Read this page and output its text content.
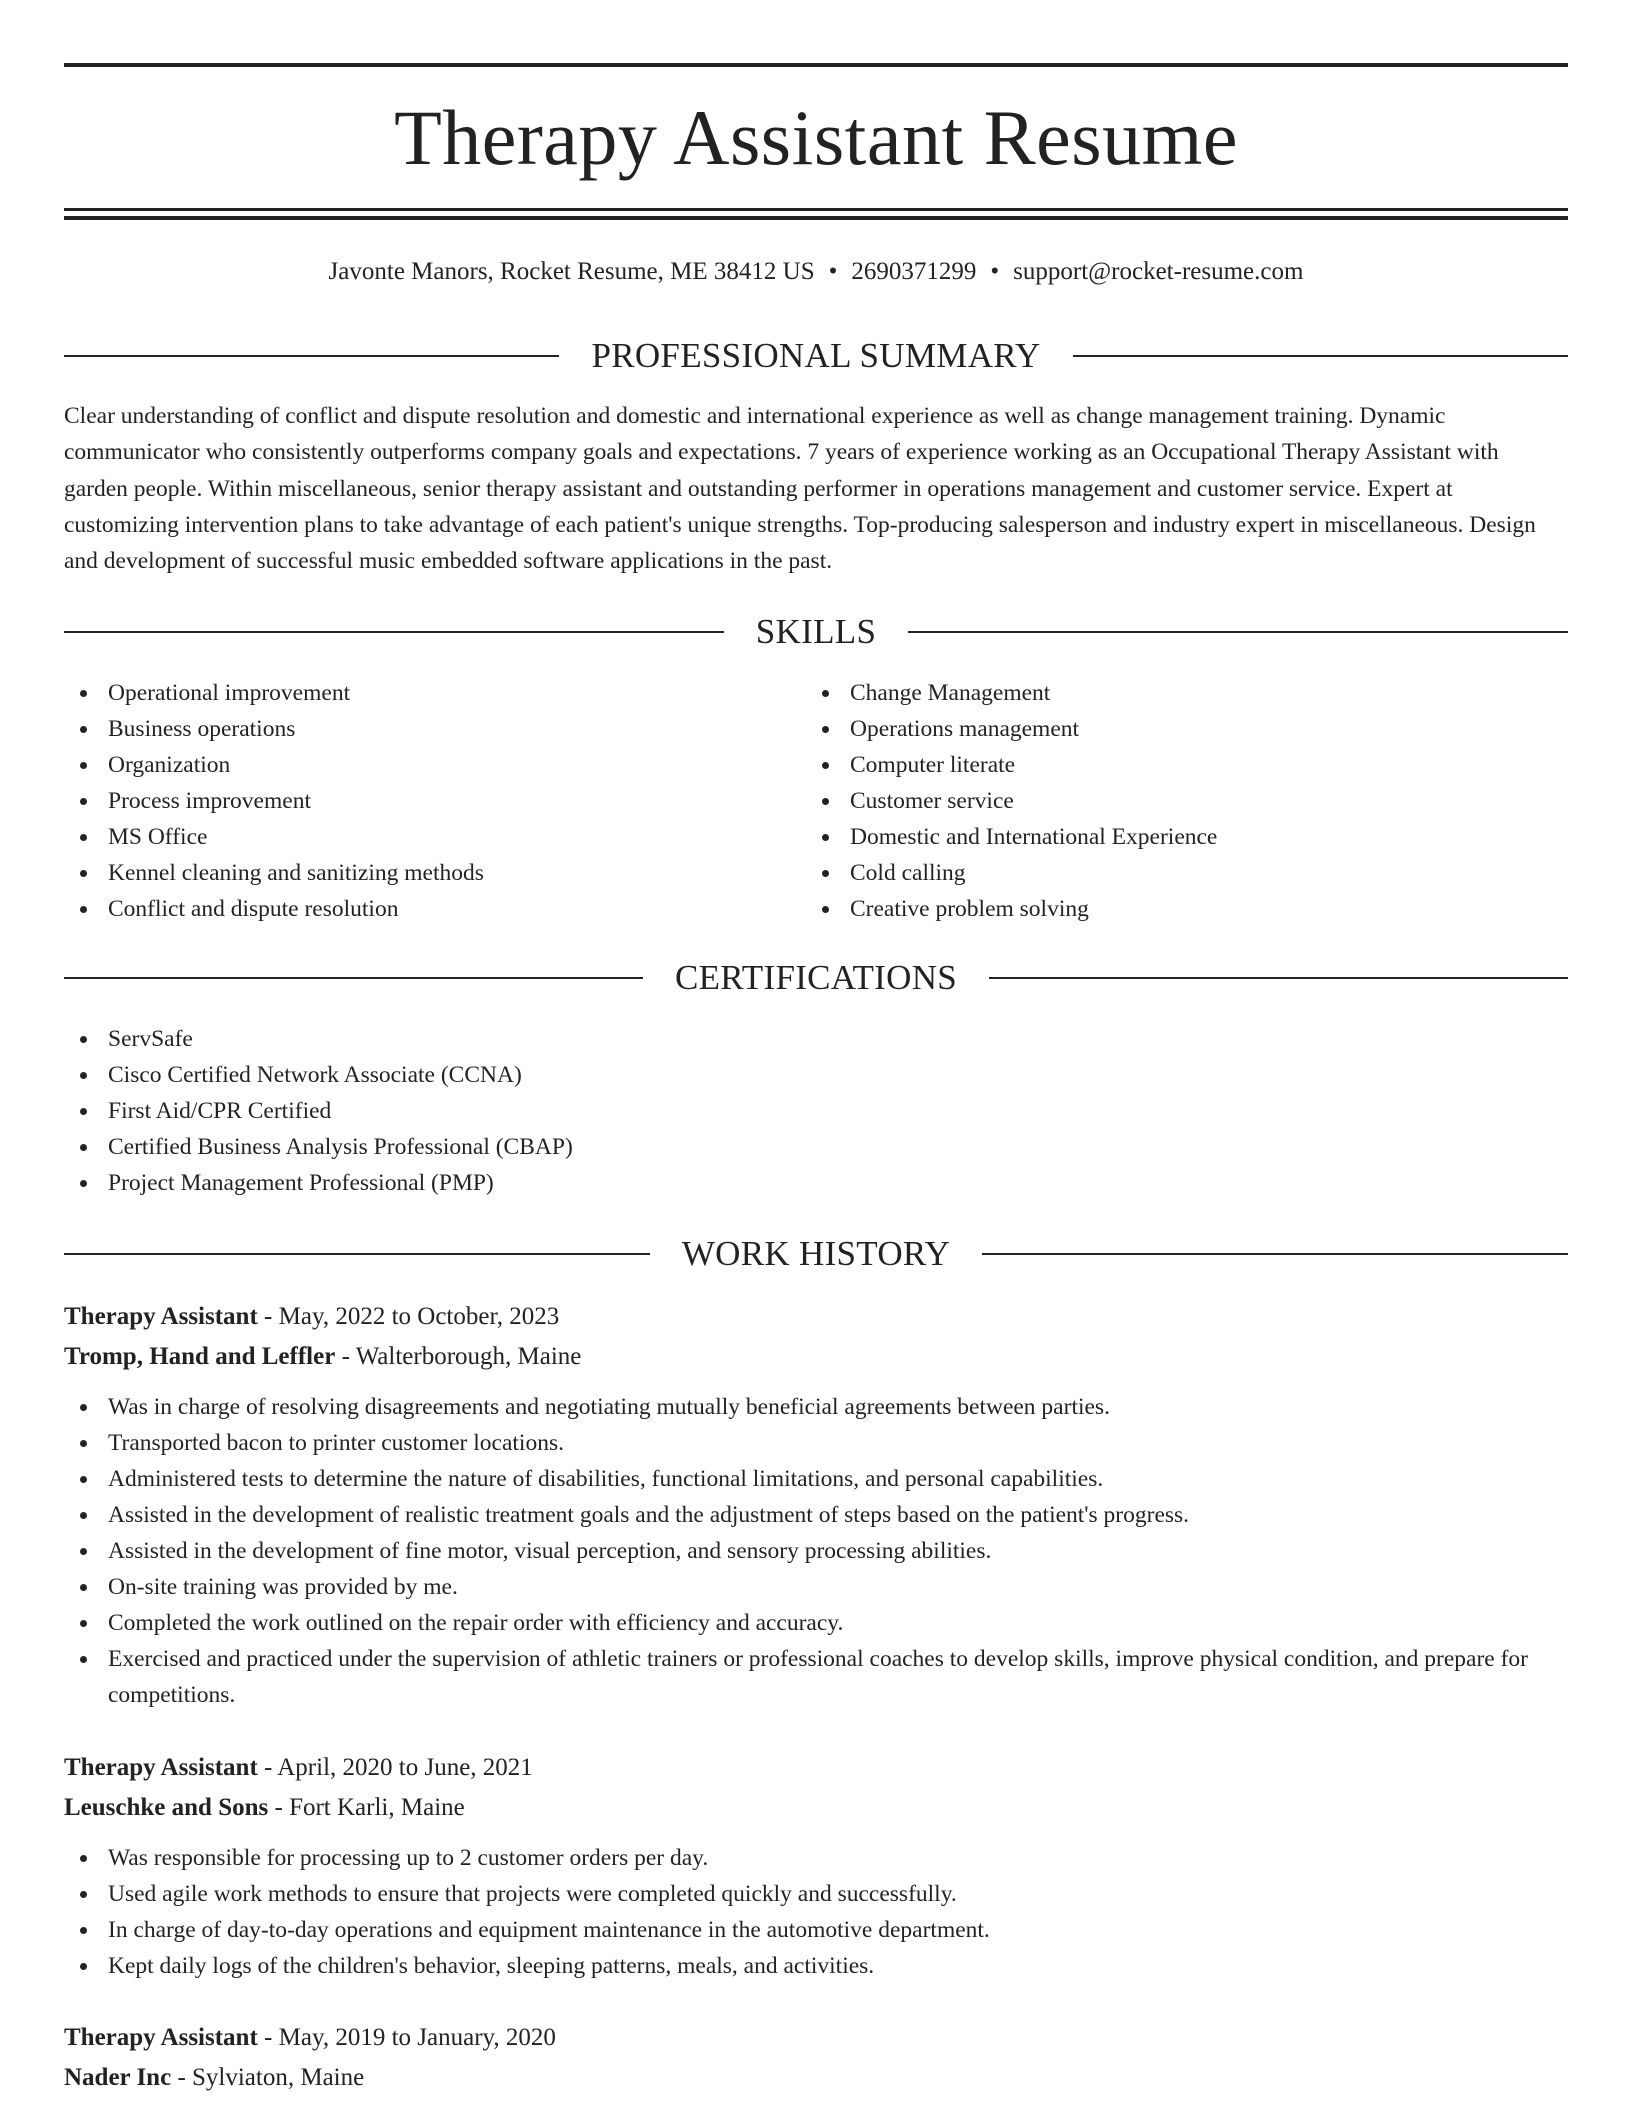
Therapy Assistant Resume
Javonte Manors, Rocket Resume, ME 38412 US • 2690371299 • support@rocket-resume.com
PROFESSIONAL SUMMARY

Clear understanding of conflict and dispute resolution and domestic and international experience as well as change management training. Dynamic communicator who consistently outperforms company goals and expectations. 7 years of experience working as an Occupational Therapy Assistant with garden people. Within miscellaneous, senior therapy assistant and outstanding performer in operations management and customer service. Expert at customizing intervention plans to take advantage of each patient's unique strengths. Top-producing salesperson and industry expert in miscellaneous. Design and development of successful music embedded software applications in the past.

SKILLS
Operational improvement
Business operations
Organization
Process improvement
MS Office
Kennel cleaning and sanitizing methods
Conflict and dispute resolution
Change Management
Operations management
Computer literate
Customer service
Domestic and International Experience
Cold calling
Creative problem solving
CERTIFICATIONS
ServSafe
Cisco Certified Network Associate (CCNA)
First Aid/CPR Certified
Certified Business Analysis Professional (CBAP)
Project Management Professional (PMP)
WORK HISTORY
Therapy Assistant - May, 2022 to October, 2023
Tromp, Hand and Leffler - Walterborough, Maine
Was in charge of resolving disagreements and negotiating mutually beneficial agreements between parties.
Transported bacon to printer customer locations.
Administered tests to determine the nature of disabilities, functional limitations, and personal capabilities.
Assisted in the development of realistic treatment goals and the adjustment of steps based on the patient's progress.
Assisted in the development of fine motor, visual perception, and sensory processing abilities.
On-site training was provided by me.
Completed the work outlined on the repair order with efficiency and accuracy.
Exercised and practiced under the supervision of athletic trainers or professional coaches to develop skills, improve physical condition, and prepare for competitions.
Therapy Assistant - April, 2020 to June, 2021
Leuschke and Sons - Fort Karli, Maine
Was responsible for processing up to 2 customer orders per day.
Used agile work methods to ensure that projects were completed quickly and successfully.
In charge of day-to-day operations and equipment maintenance in the automotive department.
Kept daily logs of the children's behavior, sleeping patterns, meals, and activities.
Therapy Assistant - May, 2019 to January, 2020
Nader Inc - Sylviaton, Maine
